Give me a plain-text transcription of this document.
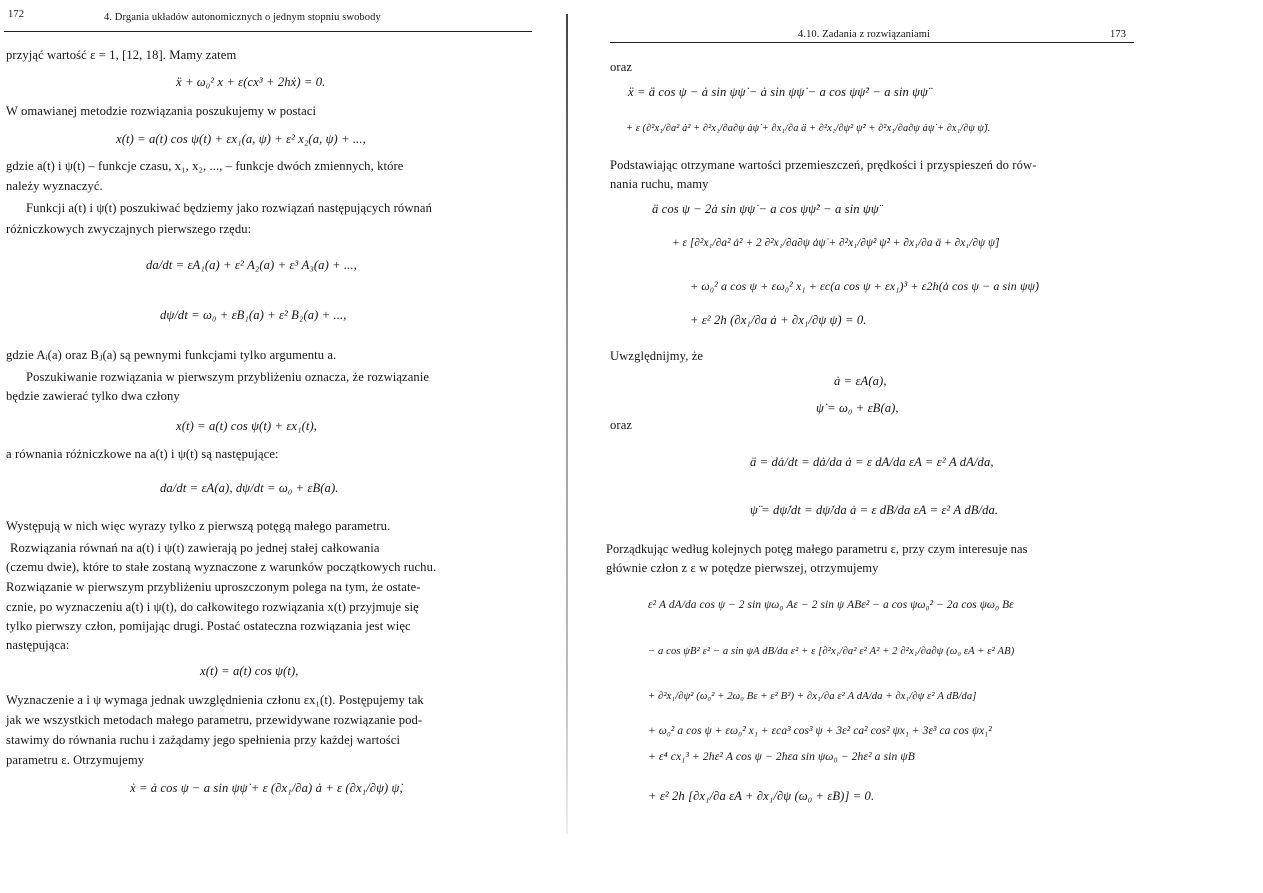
172	4. Drgania układów autonomicznych o jednym stopniu swobody
przyjąć wartość ε = 1, [12, 18]. Mamy zatem
ẍ + ω₀² x + ε(cx³ + 2hẋ) = 0.
W omawianej metodzie rozwiązania poszukujemy w postaci
x(t) = a(t) cos ψ(t) + εx₁(a, ψ) + ε² x₂(a, ψ) + ...,
gdzie a(t) i ψ(t) – funkcje czasu, x₁, x₂, ..., – funkcje dwóch zmiennych, które
należy wyznaczyć.
Funkcji a(t) i ψ(t) poszukiwać będziemy jako rozwiązań następujących równań
różniczkowych zwyczajnych pierwszego rzędu:
da/dt = εA₁(a) + ε² A₂(a) + ε³ A₃(a) + ...,
dψ/dt = ω₀ + εB₁(a) + ε² B₂(a) + ...,
gdzie Aᵢ(a) oraz Bⱼ(a) są pewnymi funkcjami tylko argumentu a.
Poszukiwanie rozwiązania w pierwszym przybliżeniu oznacza, że rozwiązanie
będzie zawierać tylko dwa człony
x(t) = a(t) cos ψ(t) + εx₁(t),
a równania różniczkowe na a(t) i ψ(t) są następujące:
da/dt = εA(a), dψ/dt = ω₀ + εB(a).
Występują w nich więc wyrazy tylko z pierwszą potęgą małego parametru.
Rozwiązania równań na a(t) i ψ(t) zawierają po jednej stałej całkowania
(czemu dwie), które to stałe zostaną wyznaczone z warunków początkowych ruchu.
Rozwiązanie w pierwszym przybliżeniu uproszczonym polega na tym, że ostate-
cznie, po wyznaczeniu a(t) i ψ(t), do całkowitego rozwiązania x(t) przyjmuje się
tylko pierwszy człon, pomijając drugi. Postać ostateczna rozwiązania jest więc
następująca:
x(t) = a(t) cos ψ(t),
Wyznaczenie a i ψ wymaga jednak uwzględnienia członu εx₁(t). Postępujemy tak
jak we wszystkich metodach małego parametru, przewidywane rozwiązanie pod-
stawimy do równania ruchu i zażądamy jego spełnienia przy każdej wartości
parametru ε. Otrzymujemy
ẋ = ȧ cos ψ − a sin ψψ̇ + ε (∂x₁/∂a) ȧ + ε (∂x₁/∂ψ) ψ̇,
4.10. Zadania z rozwiązaniami	173
oraz
ẍ = ä cos ψ − ȧ sin ψψ̇ − ȧ sin ψψ̇ − a cos ψψ̇² − a sin ψψ̈
+ ε (∂²x₁/∂a² ȧ² + ∂²x₁/∂a∂ψ ȧψ̇ + ∂x₁/∂a ä + ∂²x₁/∂ψ² ψ̇² + ∂²x₁/∂a∂ψ ȧψ̇ + ∂x₁/∂ψ ψ̈).
Podstawiając otrzymane wartości przemieszczeń, prędkości i przyspieszeń do rów-
nania ruchu, mamy
ä cos ψ − 2ȧ sin ψψ̇ − a cos ψψ̇² − a sin ψψ̈
+ ε [∂²x₁/∂a² ȧ² + 2 ∂²x₁/∂a∂ψ ȧψ̇ + ∂²x₁/∂ψ² ψ̇² + ∂x₁/∂a ä + ∂x₁/∂ψ ψ̈]
+ ω₀² a cos ψ + εω₀² x₁ + εc(a cos ψ + εx₁)³ + ε2h(ȧ cos ψ − a sin ψψ̇)
+ ε² 2h (∂x₁/∂a ȧ + ∂x₁/∂ψ ψ̇) = 0.
Uwzględnijmy, że
ȧ = εA(a),
ψ̇ = ω₀ + εB(a),
oraz
ä = dȧ/dt = dȧ/da ȧ = ε dA/da εA = ε² A dA/da,
ψ̈ = dψ̇/dt = dψ̇/da ȧ = ε dB/da εA = ε² A dB/da.
Porządkując według kolejnych potęg małego parametru ε, przy czym interesuje nas
głównie człon z ε w potędze pierwszej, otrzymujemy
ε² A dA/da cos ψ − 2 sin ψω₀ Aε − 2 sin ψ ABε² − a cos ψω₀² − 2a cos ψω₀ Bε
− a cos ψB² ε² − a sin ψA dB/da ε² + ε [∂²x₁/∂a² ε² A² + 2 ∂²x₁/∂a∂ψ (ω₀ εA + ε² AB)
+ ∂²x₁/∂ψ² (ω₀² + 2ω₀ Bε + ε² B²) + ∂x₁/∂a ε² A dA/da + ∂x₁/∂ψ ε² A dB/da]
+ ω₀² a cos ψ + εω₀² x₁ + εca³ cos³ ψ + 3ε² ca² cos² ψx₁ + 3ε³ ca cos ψx₁²
+ ε⁴ cx₁³ + 2hε² A cos ψ − 2hεa sin ψω₀ − 2hε² a sin ψB
+ ε² 2h [∂x₁/∂a εA + ∂x₁/∂ψ (ω₀ + εB)] = 0.
